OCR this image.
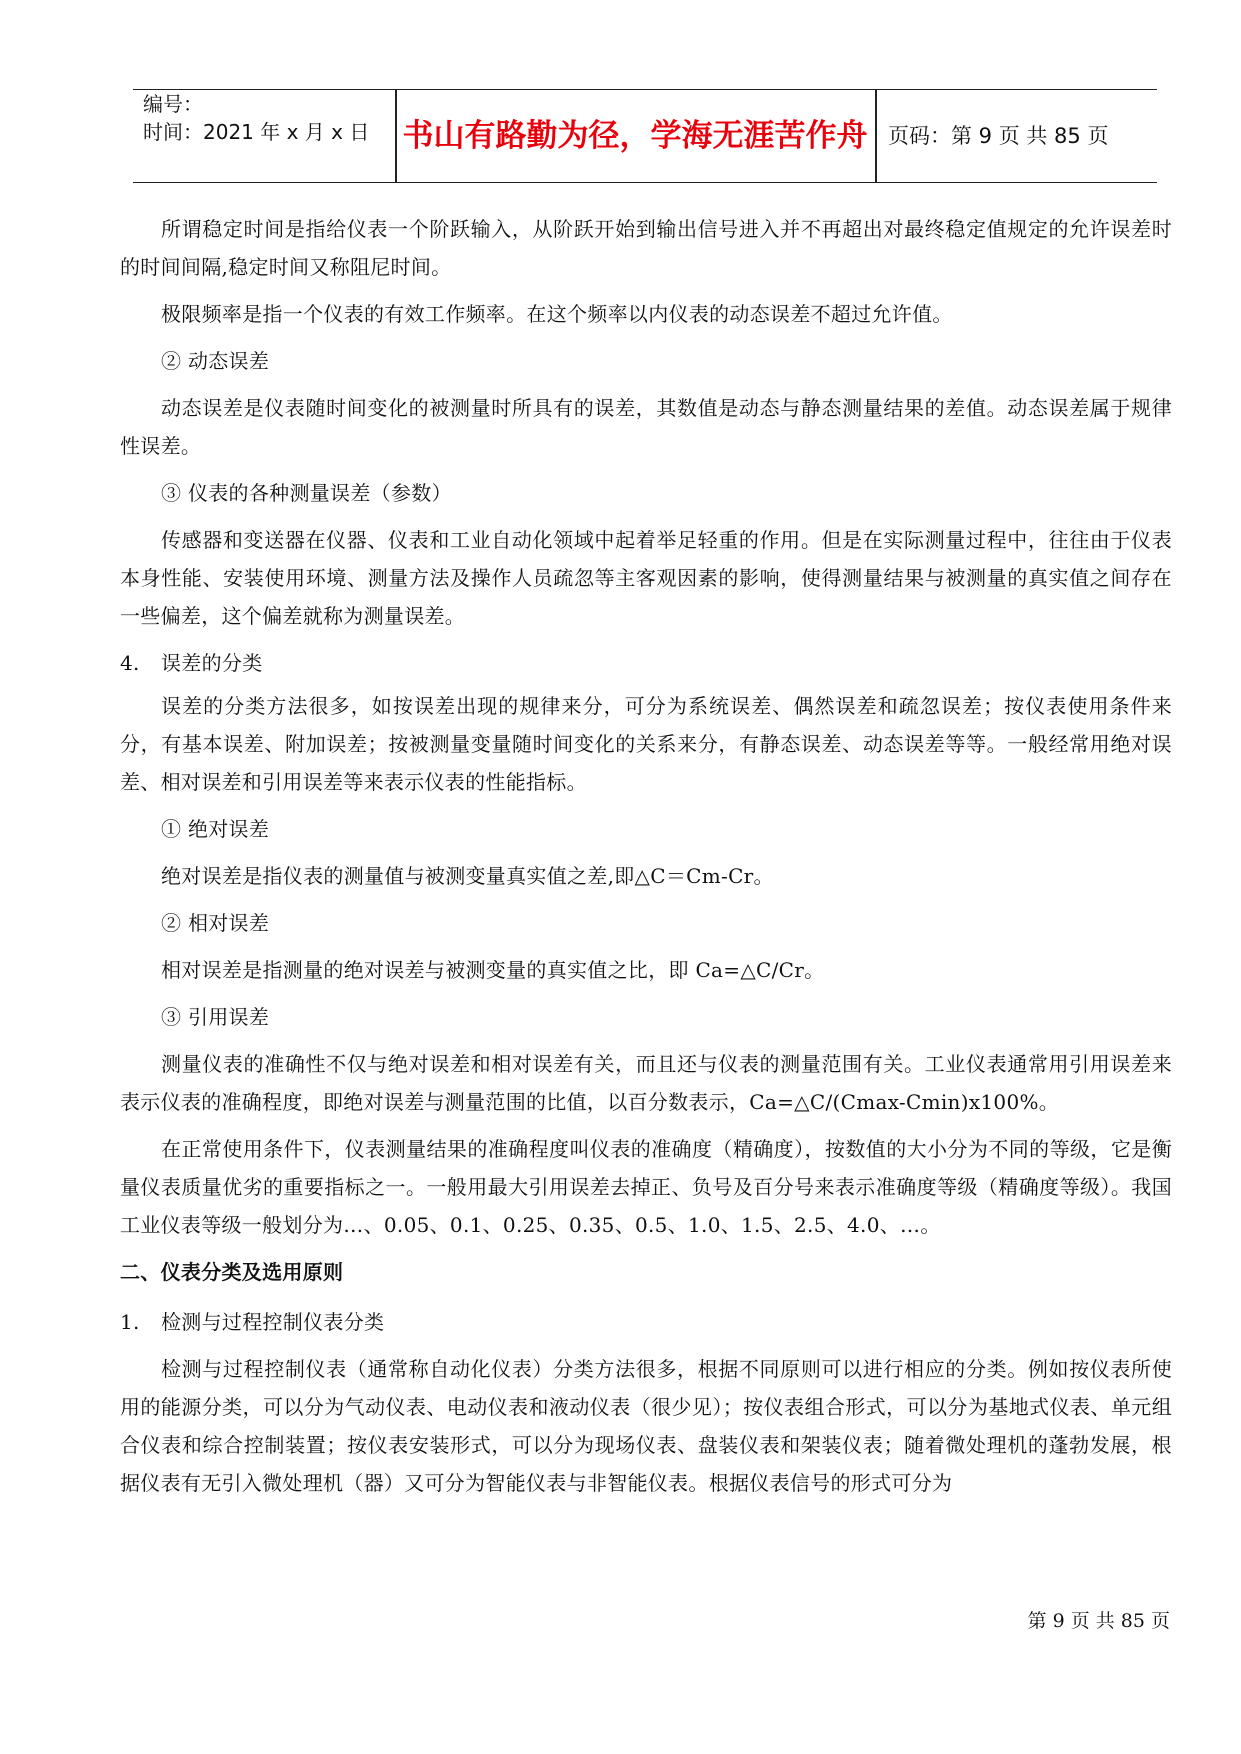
编号：
时间：2021 年 x 月 x 日 书山有路勤为径，学海无涯苦作舟 页码：第 9 页 共 85 页

所谓稳定时间是指给仪表一个阶跃输入，从阶跃开始到输出信号进入并不再超出对最终稳定值规定的允许误差时的时间间隔,稳定时间又称阻尼时间。

极限频率是指一个仪表的有效工作频率。在这个频率以内仪表的动态误差不超过允许值。

② 动态误差

动态误差是仪表随时间变化的被测量时所具有的误差，其数值是动态与静态测量结果的差值。动态误差属于规律性误差。

③ 仪表的各种测量误差（参数）

传感器和变送器在仪器、仪表和工业自动化领域中起着举足轻重的作用。但是在实际测量过程中，往往由于仪表本身性能、安装使用环境、测量方法及操作人员疏忽等主客观因素的影响，使得测量结果与被测量的真实值之间存在一些偏差，这个偏差就称为测量误差。

4. 误差的分类

误差的分类方法很多，如按误差出现的规律来分，可分为系统误差、偶然误差和疏忽误差；按仪表使用条件来分，有基本误差、附加误差；按被测量变量随时间变化的关系来分，有静态误差、动态误差等等。一般经常用绝对误差、相对误差和引用误差等来表示仪表的性能指标。

① 绝对误差

绝对误差是指仪表的测量值与被测变量真实值之差,即△C＝Cm-Cr。

② 相对误差

相对误差是指测量的绝对误差与被测变量的真实值之比，即 Ca=△C/Cr。

③ 引用误差

测量仪表的准确性不仅与绝对误差和相对误差有关，而且还与仪表的测量范围有关。工业仪表通常用引用误差来表示仪表的准确程度，即绝对误差与测量范围的比值，以百分数表示，Ca=△C/(Cmax-Cmin)x100%。

在正常使用条件下，仪表测量结果的准确程度叫仪表的准确度（精确度），按数值的大小分为不同的等级，它是衡量仪表质量优劣的重要指标之一。一般用最大引用误差去掉正、负号及百分号来表示准确度等级（精确度等级）。我国工业仪表等级一般划分为…、0.05、0.1、0.25、0.35、0.5、1.0、1.5、2.5、4.0、…。

二、仪表分类及选用原则

1. 检测与过程控制仪表分类

检测与过程控制仪表（通常称自动化仪表）分类方法很多，根据不同原则可以进行相应的分类。例如按仪表所使用的能源分类，可以分为气动仪表、电动仪表和液动仪表（很少见）；按仪表组合形式，可以分为基地式仪表、单元组合仪表和综合控制装置；按仪表安装形式，可以分为现场仪表、盘装仪表和架装仪表；随着微处理机的蓬勃发展，根据仪表有无引入微处理机（器）又可分为智能仪表与非智能仪表。根据仪表信号的形式可分为

第 9 页 共 85 页
